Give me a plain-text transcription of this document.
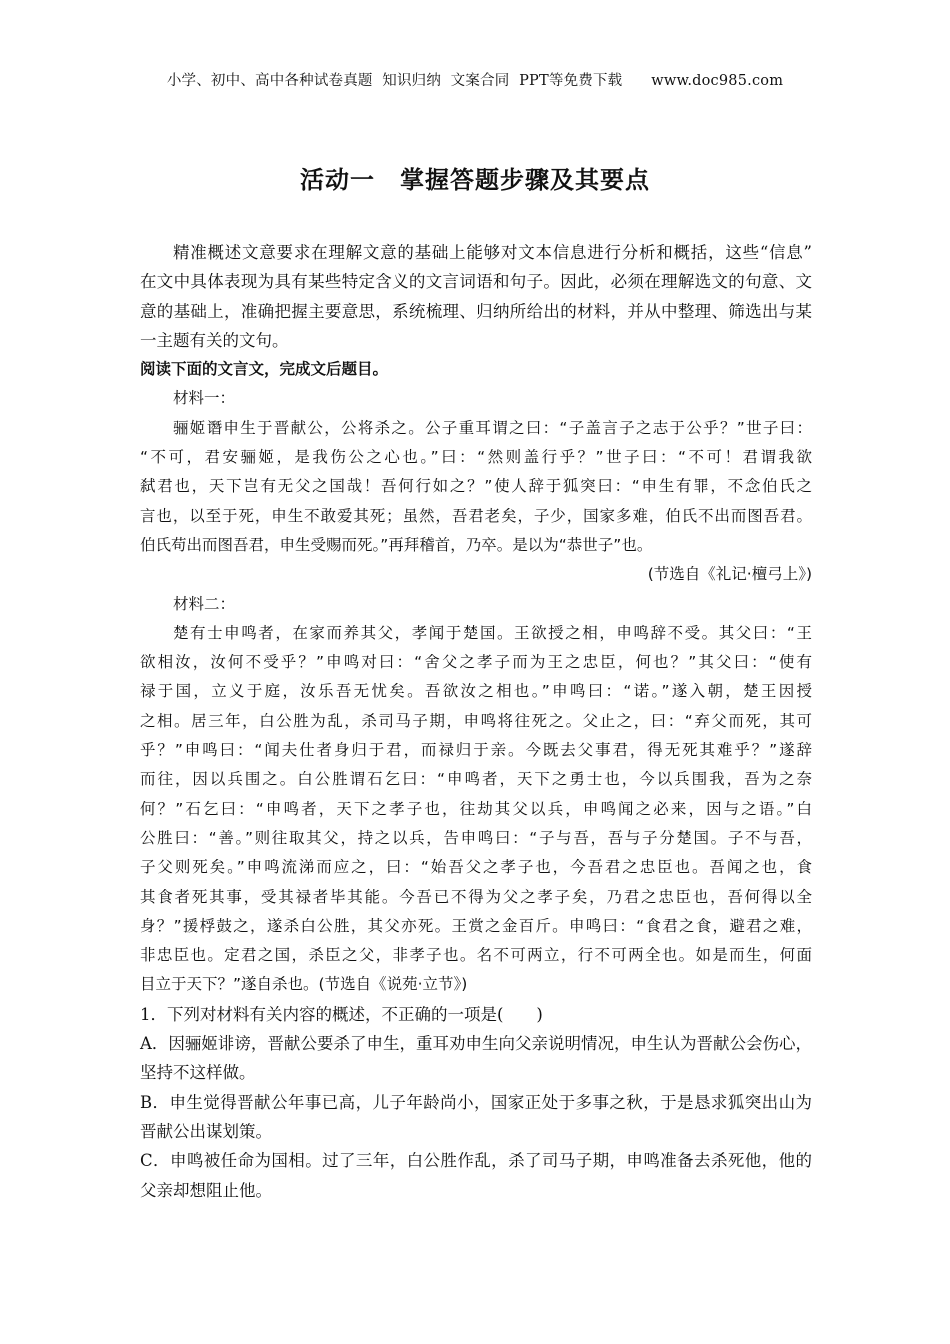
小学、初中、高中各种试卷真题  知识归纳  文案合同  PPT等免费下载      www.doc985.com
活动一　掌握答题步骤及其要点
精准概述文意要求在理解文意的基础上能够对文本信息进行分析和概括，这些“信息”
在文中具体表现为具有某些特定含义的文言词语和句子。因此，必须在理解选文的句意、文
意的基础上，准确把握主要意思，系统梳理、归纳所给出的材料，并从中整理、筛选出与某
一主题有关的文句。
阅读下面的文言文，完成文后题目。
材料一：
骊姬谮申生于晋献公，公将杀之。公子重耳谓之曰：“子盖言子之志于公乎？”世子曰：
“不可，君安骊姬，是我伤公之心也。”曰：“然则盖行乎？”世子曰：“不可！君谓我欲
弑君也，天下岂有无父之国哉！吾何行如之？”使人辞于狐突曰：“申生有罪，不念伯氏之
言也，以至于死，申生不敢爱其死；虽然，吾君老矣，子少，国家多难，伯氏不出而图吾君。
伯氏苟出而图吾君，申生受赐而死。”再拜稽首，乃卒。是以为“恭世子”也。
(节选自《礼记·檀弓上》)
材料二：
楚有士申鸣者，在家而养其父，孝闻于楚国。王欲授之相，申鸣辞不受。其父曰：“王
欲相汝，汝何不受乎？”申鸣对曰：“舍父之孝子而为王之忠臣，何也？”其父曰：“使有
禄于国，立义于庭，汝乐吾无忧矣。吾欲汝之相也。”申鸣曰：“诺。”遂入朝，楚王因授
之相。居三年，白公胜为乱，杀司马子期，申鸣将往死之。父止之，曰：“弃父而死，其可
乎？”申鸣曰：“闻夫仕者身归于君，而禄归于亲。今既去父事君，得无死其难乎？”遂辞
而往，因以兵围之。白公胜谓石乞曰：“申鸣者，天下之勇士也，今以兵围我，吾为之奈
何？”石乞曰：“申鸣者，天下之孝子也，往劫其父以兵，申鸣闻之必来，因与之语。”白
公胜曰：“善。”则往取其父，持之以兵，告申鸣曰：“子与吾，吾与子分楚国。子不与吾，
子父则死矣。”申鸣流涕而应之，曰：“始吾父之孝子也，今吾君之忠臣也。吾闻之也，食
其食者死其事，受其禄者毕其能。今吾已不得为父之孝子矣，乃君之忠臣也，吾何得以全
身？”援桴鼓之，遂杀白公胜，其父亦死。王赏之金百斤。申鸣曰：“食君之食，避君之难，
非忠臣也。定君之国，杀臣之父，非孝子也。名不可两立，行不可两全也。如是而生，何面
目立于天下？”遂自杀也。(节选自《说苑·立节》)
1．下列对材料有关内容的概述，不正确的一项是(　　)
A．因骊姬诽谤，晋献公要杀了申生，重耳劝申生向父亲说明情况，申生认为晋献公会伤心，
坚持不这样做。
B．申生觉得晋献公年事已高，儿子年龄尚小，国家正处于多事之秋，于是恳求狐突出山为
晋献公出谋划策。
C．申鸣被任命为国相。过了三年，白公胜作乱，杀了司马子期，申鸣准备去杀死他，他的
父亲却想阻止他。
